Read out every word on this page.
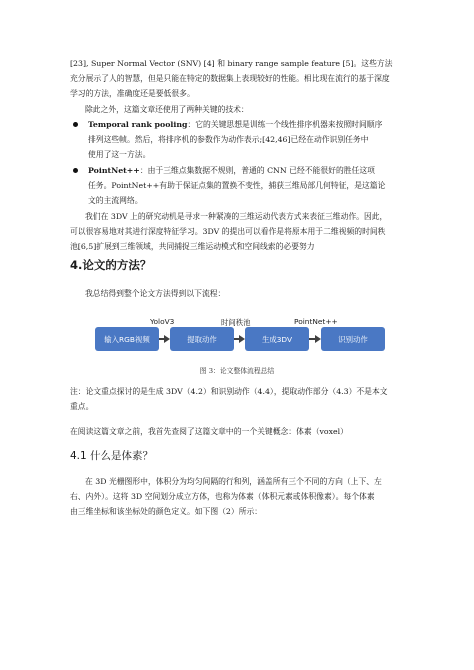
[23], Super Normal Vector (SNV) [4] 和 binary range sample feature [5]。这些方法
充分展示了人的智慧，但是只能在特定的数据集上表现较好的性能。相比现在流行的基于深度
学习的方法，准确度还是要低很多。
除此之外，这篇文章还使用了两种关键的技术：
Temporal rank pooling：它的关键思想是训练一个线性排序机器来按照时间顺序
排列这些帧。然后，将排序机的参数作为动作表示;[42,46]已经在动作识别任务中
使用了这一方法。
PointNet++：由于三维点集数据不规则，普通的 CNN 已经不能很好的胜任这项
任务。PointNet++有助于保证点集的置换不变性，捕获三维局部几何特征，是这篇论
文的主流网络。
我们在 3DV 上的研究动机是寻求一种紧凑的三维运动代表方式来表征三维动作。因此，
可以很容易地对其进行深度特征学习。3DV 的提出可以看作是将原本用于二维视频的时间秩
池[6,5]扩展到三维领域，共同捕捉三维运动模式和空间线索的必要努力
4.论文的方法？
我总结得到整个论文方法得到以下流程：
输入RGB视频	提取动作	生成3DV	识别动作
YoloV3	时间秩池	PointNet++
图 3：论文整体流程总结
注：论文重点探讨的是生成 3DV（4.2）和识别动作（4.4），提取动作部分（4.3）不是本文
重点。
在阅读这篇文章之前，我首先查阅了这篇文章中的一个关键概念：体素（voxel）
4.1 什么是体素？
在 3D 光栅图形中，体积分为均匀间隔的行和列，涵盖所有三个不同的方向（上下、左
右、内外）。这将 3D 空间划分成立方体，也称为体素（体积元素或体积像素）。每个体素
由三维坐标和该坐标处的颜色定义。如下图（2）所示：
